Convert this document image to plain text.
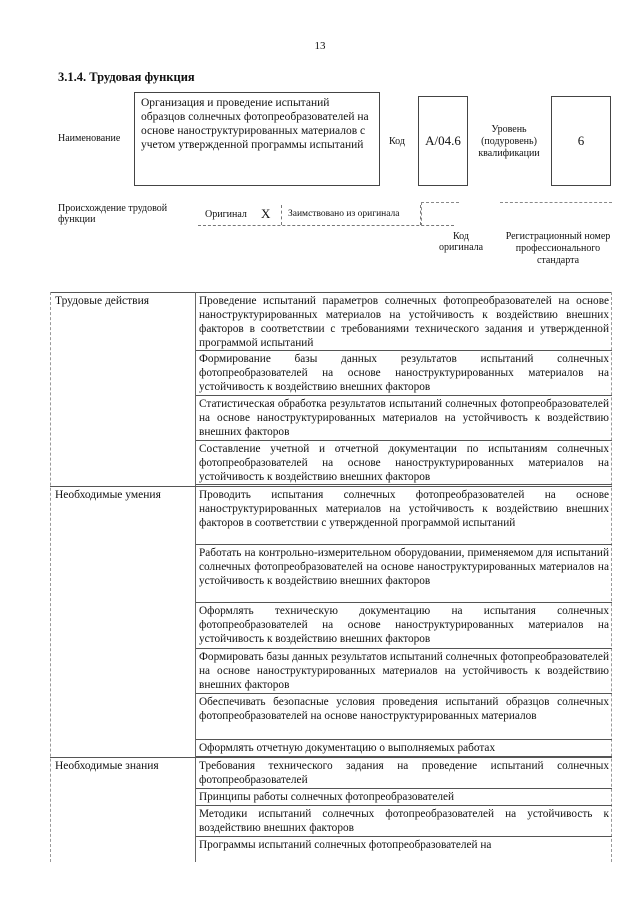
13
3.1.4. Трудовая функция
Наименование
Организация и проведение испытаний образцов солнечных фотопреобразователей на основе наноструктурированных материалов с учетом утвержденной программы испытаний	Код А/04.6
Уровень (подуровень) квалификации
6
Происхождение трудовой функции	Оригинал X Заимствовано из оригинала
Код оригинала
Регистрационный номер профессионального стандарта
Трудовые действия	Проведение испытаний параметров солнечных фотопреобразователей на основе наноструктурированных материалов на устойчивость к воздействию внешних факторов в соответствии с требованиями технического задания и утвержденной программой испытаний
Формирование базы данных результатов испытаний солнечных фотопреобразователей на основе наноструктурированных материалов на устойчивость к воздействию внешних факторов
Статистическая обработка результатов испытаний солнечных фотопреобразователей на основе наноструктурированных материалов на устойчивость к воздействию внешних факторов
Составление учетной и отчетной документации по испытаниям солнечных фотопреобразователей на основе наноструктурированных материалов на устойчивость к воздействию внешних факторов
Необходимые умения	Проводить испытания солнечных фотопреобразователей на основе наноструктурированных материалов на устойчивость к воздействию внешних факторов в соответствии с утвержденной программой испытаний
Работать на контрольно-измерительном оборудовании, применяемом для испытаний солнечных фотопреобразователей на основе наноструктурированных материалов на устойчивость к воздействию внешних факторов
Оформлять техническую документацию на испытания солнечных фотопреобразователей на основе наноструктурированных материалов на устойчивость к воздействию внешних факторов
Формировать базы данных результатов испытаний солнечных фотопреобразователей на основе наноструктурированных материалов на устойчивость к воздействию внешних факторов
Обеспечивать безопасные условия проведения испытаний образцов солнечных фотопреобразователей на основе наноструктурированных материалов
Оформлять отчетную документацию о выполняемых работах
Необходимые знания	Требования технического задания на проведение испытаний солнечных фотопреобразователей
Принципы работы солнечных фотопреобразователей
Методики испытаний солнечных фотопреобразователей на устойчивость к воздействию внешних факторов
Программы испытаний солнечных фотопреобразователей на
